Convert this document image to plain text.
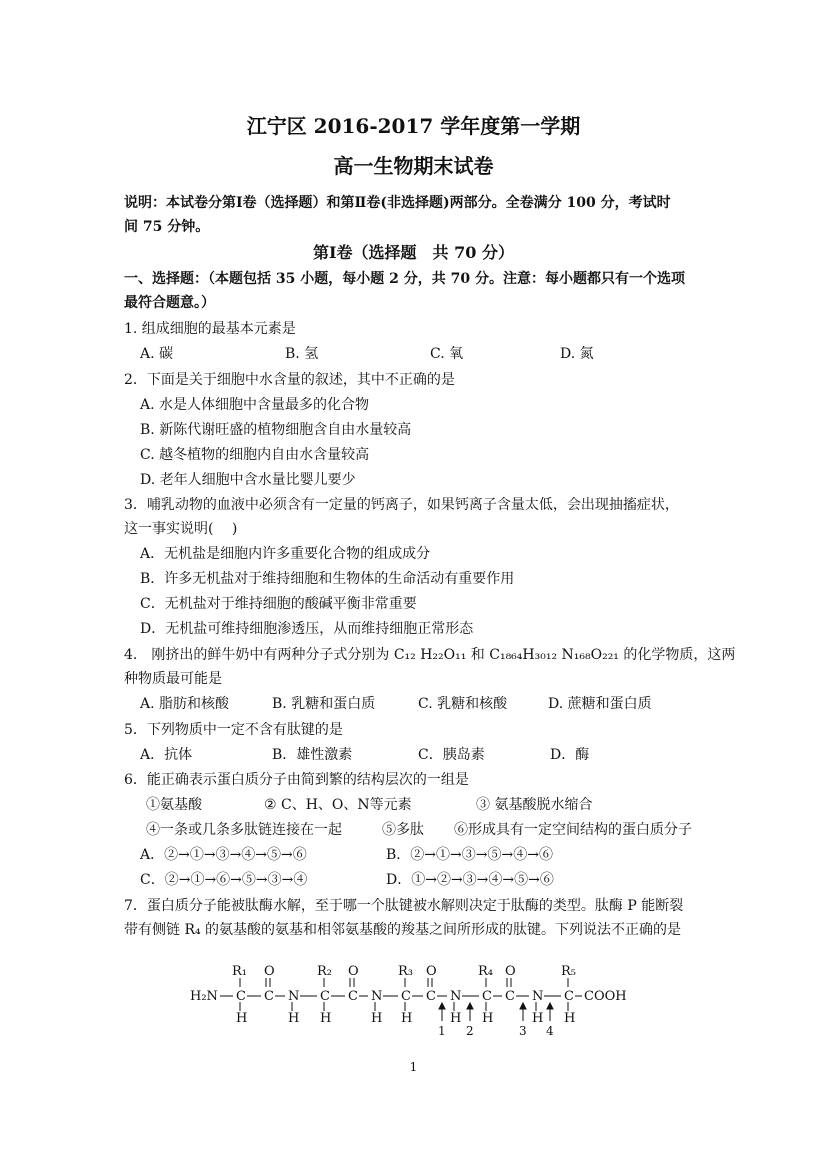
江宁区 2016-2017 学年度第一学期
高一生物期末试卷
说明：本试卷分第Ⅰ卷（选择题）和第Ⅱ卷(非选择题)两部分。全卷满分 100 分，考试时
间 75 分钟。
第Ⅰ卷（选择题　共 70 分）
一、选择题：（本题包括 35 小题，每小题 2 分，共 70 分。注意：每小题都只有一个选项
最符合题意。）
1. 组成细胞的最基本元素是
A. 碳	B. 氢	C. 氧	D. 氮
2．下面是关于细胞中水含量的叙述，其中不正确的是
A. 水是人体细胞中含量最多的化合物
B. 新陈代谢旺盛的植物细胞含自由水量较高
C. 越冬植物的细胞内自由水含量较高
D. 老年人细胞中含水量比婴儿要少
3．哺乳动物的血液中必须含有一定量的钙离子，如果钙离子含量太低，会出现抽搐症状，
这一事实说明(　 )
A．无机盐是细胞内许多重要化合物的组成成分
B．许多无机盐对于维持细胞和生物体的生命活动有重要作用
C．无机盐对于维持细胞的酸碱平衡非常重要
D．无机盐可维持细胞渗透压，从而维持细胞正常形态
4.　刚挤出的鲜牛奶中有两种分子式分别为 C₁₂ H₂₂O₁₁ 和 C₁₈₆₄H₃₀₁₂ N₁₆₈O₂₂₁ 的化学物质，这两
种物质最可能是
A. 脂肪和核酸	B. 乳糖和蛋白质	C. 乳糖和核酸	D. 蔗糖和蛋白质
5．下列物质中一定不含有肽键的是
A．抗体	B．雄性激素	C．胰岛素	D．酶
6．能正确表示蛋白质分子由简到繁的结构层次的一组是
①氨基酸	② C、H、O、N等元素	③ 氨基酸脱水缩合
④一条或几条多肽链连接在一起	⑤多肽 ⑥形成具有一定空间结构的蛋白质分子
A．②→①→③→④→⑤→⑥	B．②→①→③→⑤→④→⑥
C．②→①→⑥→⑤→③→④	D．①→②→③→④→⑤→⑥
7．蛋白质分子能被肽酶水解，至于哪一个肽键被水解则决定于肽酶的类型。肽酶 P 能断裂
带有侧链 R₄ 的氨基酸的氨基和相邻氨基酸的羧基之间所形成的肽键。下列说法不正确的是
H₂N
R₁
C
H
O
C N
H
R₂
C
H
O
C N
H
R₃
C
H
O
C N
H
R₄
C
H
O
C N
H
R₅
C
H
COOH
1 2	3 4
1
